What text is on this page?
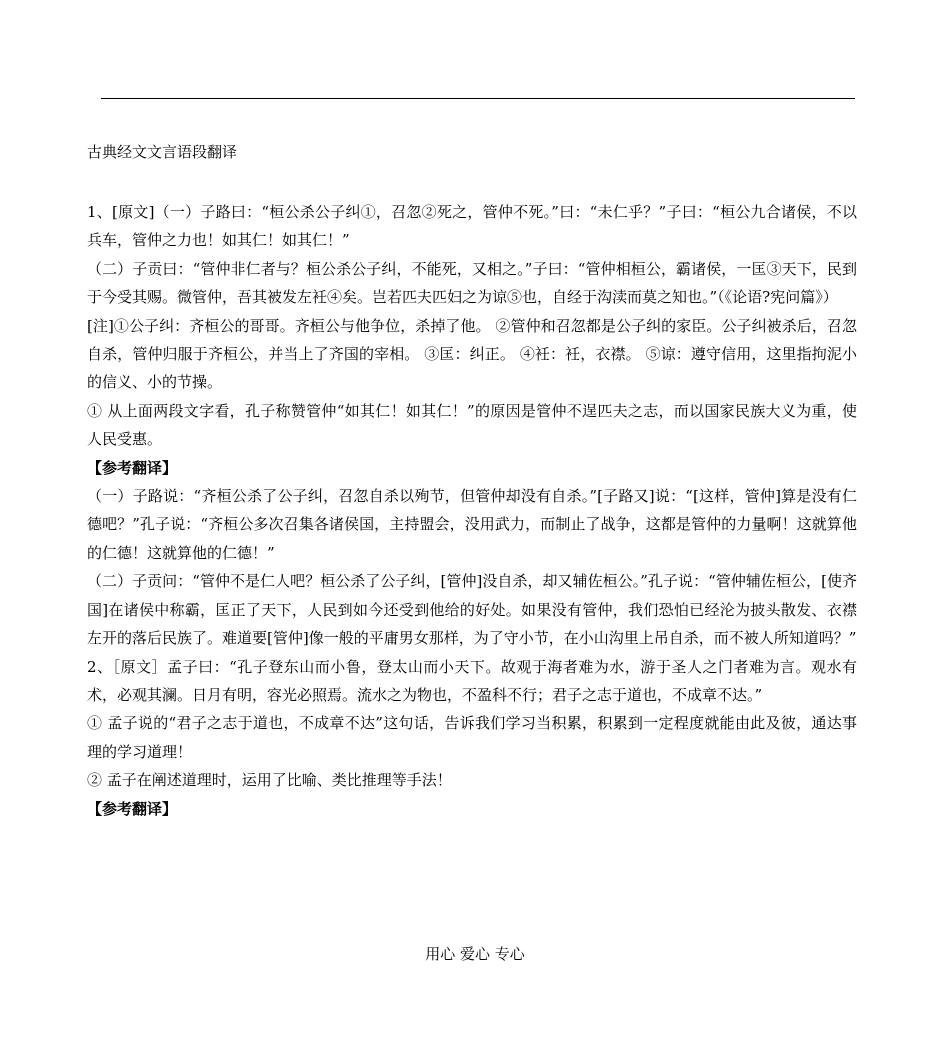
古典经文文言语段翻译

1、[原文]（一）子路曰：“桓公杀公子纠①，召忽②死之，管仲不死。”曰：“未仁乎？”子曰：“桓公九合诸侯，不以兵车，管仲之力也！如其仁！如其仁！”

（二）子贡曰：“管仲非仁者与？桓公杀公子纠，不能死，又相之。”子曰：“管仲相桓公，霸诸侯，一匡③天下，民到于今受其赐。微管仲，吾其被发左衽④矣。岂若匹夫匹妇之为谅⑤也，自经于沟渎而莫之知也。”（《论语?宪问篇》）

[注]①公子纠：齐桓公的哥哥。齐桓公与他争位，杀掉了他。 ②管仲和召忽都是公子纠的家臣。公子纠被杀后，召忽自杀，管仲归服于齐桓公，并当上了齐国的宰相。 ③匡：纠正。 ④衽：衽，衣襟。 ⑤谅：遵守信用，这里指拘泥小的信义、小的节操。

① 从上面两段文字看，孔子称赞管仲“如其仁！如其仁！”的原因是管仲不逞匹夫之志，而以国家民族大义为重，使人民受惠。

【参考翻译】

（一）子路说：“齐桓公杀了公子纠，召忽自杀以殉节，但管仲却没有自杀。”[子路又]说：“[这样，管仲]算是没有仁德吧？”孔子说：“齐桓公多次召集各诸侯国，主持盟会，没用武力，而制止了战争，这都是管仲的力量啊！这就算他的仁德！这就算他的仁德！”

（二）子贡问：“管仲不是仁人吧？桓公杀了公子纠，[管仲]没自杀，却又辅佐桓公。”孔子说：“管仲辅佐桓公，[使齐国]在诸侯中称霸，匡正了天下，人民到如今还受到他给的好处。如果没有管仲，我们恐怕已经沦为披头散发、衣襟左开的落后民族了。难道要[管仲]像一般的平庸男女那样，为了守小节，在小山沟里上吊自杀，而不被人所知道吗？”

2、［原文］孟子曰：“孔子登东山而小鲁，登太山而小天下。故观于海者难为水，游于圣人之门者难为言。观水有术，必观其澜。日月有明，容光必照焉。流水之为物也，不盈科不行；君子之志于道也，不成章不达。”

① 孟子说的“君子之志于道也，不成章不达”这句话，告诉我们学习当积累，积累到一定程度就能由此及彼，通达事理的学习道理！

② 孟子在阐述道理时，运用了比喻、类比推理等手法！

【参考翻译】

用心 爱心 专心
